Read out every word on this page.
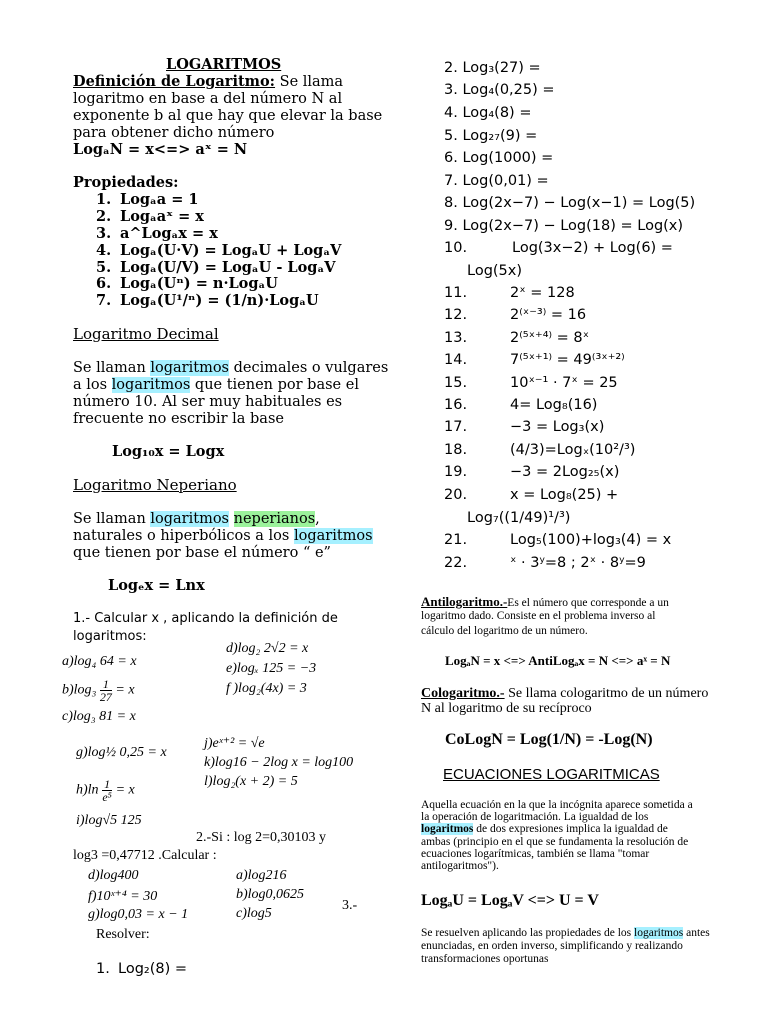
LOGARITMOS
Definición de Logaritmo: Se llama
logaritmo en base a del número N al
exponente b al que hay que elevar la base
para obtener dicho número
LogₐN = x<=> aˣ = N
Propiedades:
1. Logₐa = 1
2. Logₐaˣ = x
3. a^Logₐx = x
4. Logₐ(U·V) = LogₐU + LogₐV
5. Logₐ(U/V) = LogₐU - LogₐV
6. Logₐ(Uⁿ) = n·LogₐU
7. Logₐ(U¹/ⁿ) = (1/n)·LogₐU
Logaritmo Decimal
Se llaman logaritmos decimales o vulgares
a los logaritmos que tienen por base el
número 10. Al ser muy habituales es
frecuente no escribir la base
Log₁₀x = Logx
Logaritmo Neperiano
Se llaman logaritmos neperianos,
naturales o hiperbólicos a los logaritmos
que tienen por base el número “ e”
Logₑx = Lnx
1.- Calcular x , aplicando la definición de
logaritmos:
a)log₄ 64 = x
$b)\log_3 \frac{1}{27} = x$
c)log₃ 81 = x
d)log₂ 2√2 = x
e)logₓ 125 = −3
f )log₂(4x) = 3
g)log½ 0,25 = x
$h)\ln \frac{1}{\text{e⁵}} = x$
i)log√5 125
j)eˣ⁺² = √e
k)log16 − 2log x = log100
l)log₂(x + 2) = 5
2.-Si : log 2=0,30103 y
log3 =0,47712 .Calcular :
d)log400
f)10ˣ⁺⁴ = 30
g)log0,03 = x − 1
a)log216
b)log0,0625
c)log5
3.-
Resolver:
1. Log₂(8) =
2. Log₃(27) =
3. Log₄(0,25) =
4. Log₄(8) =
5. Log₂₇(9) =
6. Log(1000) =
7. Log(0,01) =
8. Log(2x−7) − Log(x−1) = Log(5)
9. Log(2x−7) − Log(18) = Log(x)
10.	Log(3x−2) + Log(6) =
Log(5x)
11.	2ˣ = 128
12.	2⁽ˣ⁻³⁾ = 16
13.	2⁽⁵ˣ⁺⁴⁾ = 8ˣ
14.	7⁽⁵ˣ⁺¹⁾ = 49⁽³ˣ⁺²⁾
15.	10ˣ⁻¹ · 7ˣ = 25
16.	4= Log₈(16)
17.	−3 = Log₃(x)
18.	(4/3)=Logₓ(10²/³)
19.	−3 = 2Log₂₅(x)
20.	x = Log₈(25) +
Log₇((1/49)¹/³)
21.	Log₅(100)+log₃(4) = x
22.	ˣ · 3ʸ=8 ; 2ˣ · 8ʸ=9
Antilogaritmo.-Es el número que corresponde a un
logaritmo dado. Consiste en el problema inverso al
cálculo del logaritmo de un número.
LogₐN = x <=> AntiLogₐx = N <=> aˣ = N
Cologaritmo.- Se llama cologaritmo de un número
N al logaritmo de su recíproco
CoLogN = Log(1/N) = -Log(N)
ECUACIONES LOGARITMICAS
Aquella ecuación en la que la incógnita aparece sometida a
la operación de logaritmación. La igualdad de los
logaritmos de dos expresiones implica la igualdad de
ambas (principio en el que se fundamenta la resolución de
ecuaciones logarítmicas, también se llama "tomar
antilogaritmos").
LogₐU = LogₐV <=> U = V
Se resuelven aplicando las propiedades de los logaritmos antes
enunciadas, en orden inverso, simplificando y realizando
transformaciones oportunas
